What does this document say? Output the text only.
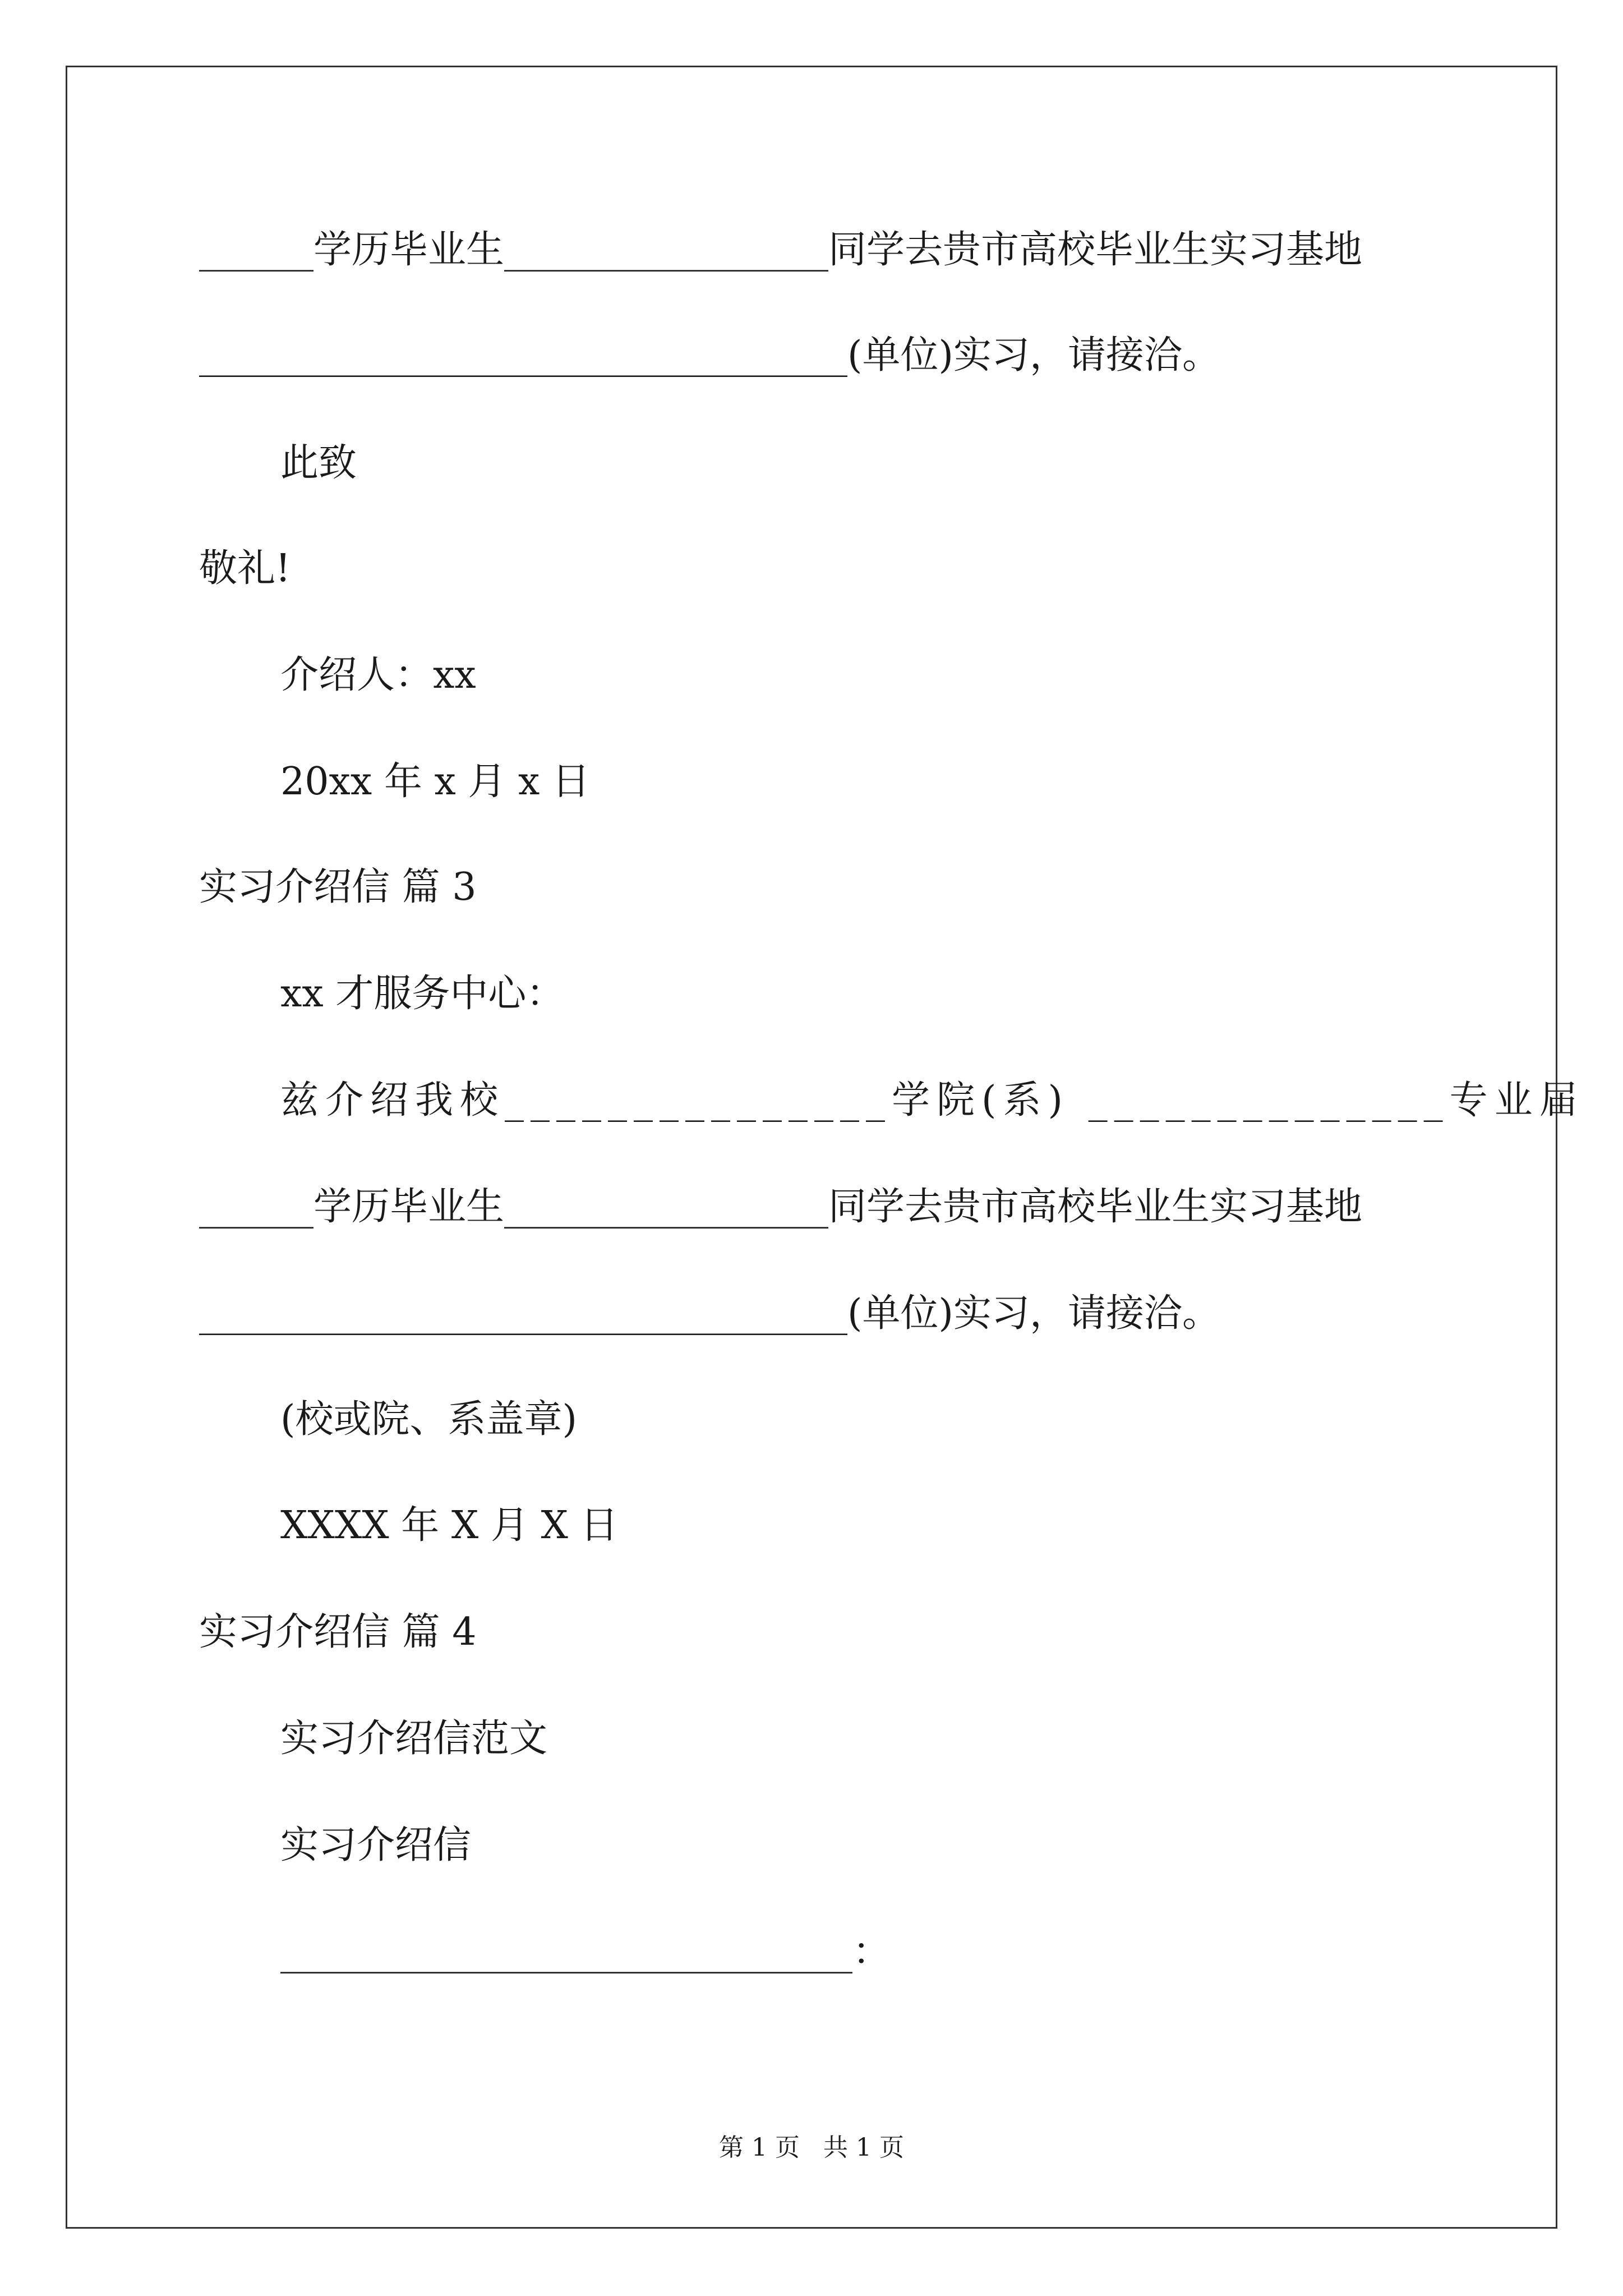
______学历毕业生_________________同学去贵市高校毕业生实习基地
__________________________________(单位)实习，请接洽。
此致
敬礼!
介绍人：xx
20xx 年 x 月 x 日
实习介绍信 篇 3
xx 才服务中心：
兹介绍我校_______________学院(系) ______________专业届
______学历毕业生_________________同学去贵市高校毕业生实习基地
__________________________________(单位)实习，请接洽。
(校或院、系盖章)
XXXX 年 X 月 X 日
实习介绍信 篇 4
实习介绍信范文
实习介绍信
______________________________：
第 1 页   共 1 页
